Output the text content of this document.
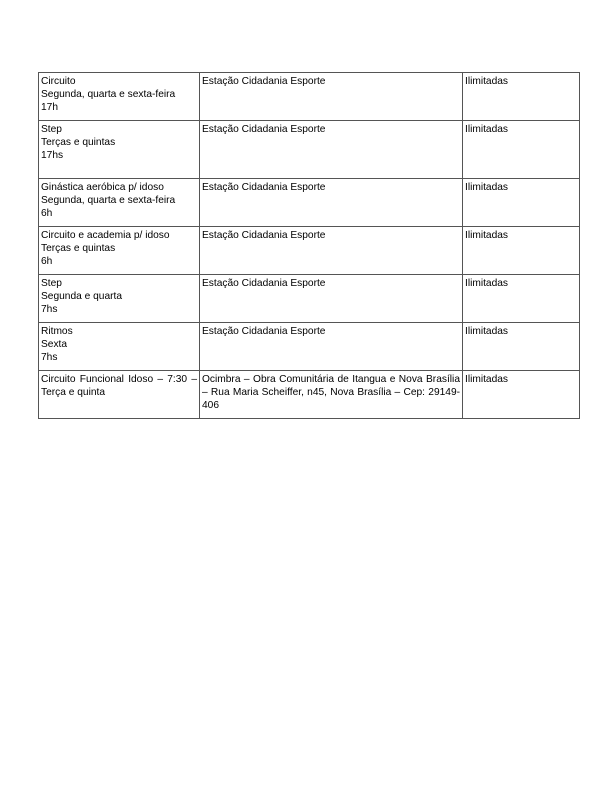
Circuito
Segunda, quarta e sexta-feira
17h	Estação Cidadania Esporte	Ilimitadas

Step
Terças e quintas
17hs	Estação Cidadania Esporte	Ilimitadas

Ginástica aeróbica p/ idoso
Segunda, quarta e sexta-feira
6h	Estação Cidadania Esporte	Ilimitadas

Circuito e academia p/ idoso
Terças e quintas
6h	Estação Cidadania Esporte	Ilimitadas

Step
Segunda e quarta
7hs	Estação Cidadania Esporte	Ilimitadas

Ritmos
Sexta
7hs	Estação Cidadania Esporte	Ilimitadas
Circuito Funcional Idoso – 7:30 – Terça e quinta	Ocimbra – Obra Comunitária de Itangua e Nova Brasília – Rua Maria Scheiffer, n45, Nova Brasília – Cep: 29149-406	Ilimitadas
